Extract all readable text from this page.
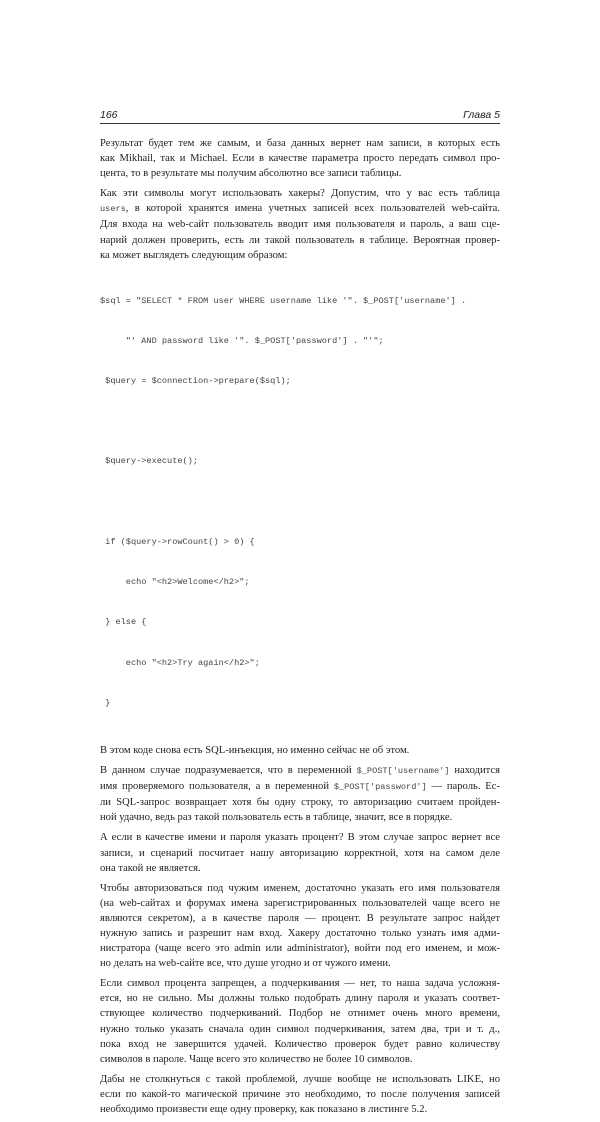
166	Глава 5

Результат будет тем же самым, и база данных вернет нам записи, в которых есть
как Mikhail, так и Michael. Если в качестве параметра просто передать символ про-
цента, то в результате мы получим абсолютно все записи таблицы.

Как эти символы могут использовать хакеры? Допустим, что у вас есть таблица
users, в которой хранятся имена учетных записей всех пользователей web-сайта.
Для входа на web-сайт пользователь вводит имя пользователя и пароль, а ваш сце-
нарий должен проверить, есть ли такой пользователь в таблице. Вероятная провер-
ка может выглядеть следующим образом:

$sql = "SELECT * FROM user WHERE username like '". $_POST['username'] .

"' AND password like '". $_POST['password'] . "'";

$query = $connection->prepare($sql);

$query->execute();

if ($query->rowCount() > 0) {

echo "<h2>Welcome</h2>";

} else {

echo "<h2>Try again</h2>";

}

В этом коде снова есть SQL-инъекция, но именно сейчас не об этом.

В данном случае подразумевается, что в переменной $_POST['username'] находится
имя проверяемого пользователя, а в переменной $_POST['password'] — пароль. Ес-
ли SQL-запрос возвращает хотя бы одну строку, то авторизацию считаем пройден-
ной удачно, ведь раз такой пользователь есть в таблице, значит, все в порядке.

А если в качестве имени и пароля указать процент? В этом случае запрос вернет все
записи, и сценарий посчитает нашу авторизацию корректной, хотя на самом деле
она такой не является.

Чтобы авторизоваться под чужим именем, достаточно указать его имя пользователя
(на web-сайтах и форумах имена зарегистрированных пользователей чаще всего не
являются секретом), а в качестве пароля — процент. В результате запрос найдет
нужную запись и разрешит нам вход. Хакеру достаточно только узнать имя адми-
нистратора (чаще всего это admin или administrator), войти под его именем, и мож-
но делать на web-сайте все, что душе угодно и от чужого имени.

Если символ процента запрещен, а подчеркивания — нет, то наша задача усложня-
ется, но не сильно. Мы должны только подобрать длину пароля и указать соответ-
ствующее количество подчеркиваний. Подбор не отнимет очень много времени,
нужно только указать сначала один символ подчеркивания, затем два, три и т. д.,
пока вход не завершится удачей. Количество проверок будет равно количеству
символов в пароле. Чаще всего это количество не более 10 символов.

Дабы не столкнуться с такой проблемой, лучше вообще не использовать LIKE, но
если по какой-то магической причине это необходимо, то после получения записей
необходимо произвести еще одну проверку, как показано в листинге 5.2.
